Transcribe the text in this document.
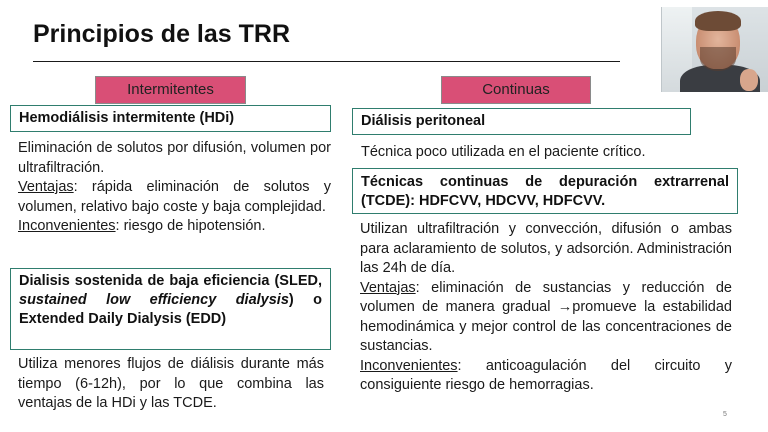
Principios de las TRR
Intermitentes	Continuas
Hemodiálisis intermitente (HDi)

Eliminación de solutos por difusión, volumen por ultrafiltración.

Ventajas: rápida eliminación de solutos y volumen, relativo bajo coste y baja complejidad.

Inconvenientes: riesgo de hipotensión.

Dialisis sostenida de baja eficiencia (SLED, sustained low efficiency dialysis) o Extended Daily Dialysis (EDD)

Utiliza menores flujos de diálisis durante más tiempo (6-12h), por lo que combina las ventajas de la HDi y las TCDE.

Diálisis peritoneal

Técnica poco utilizada en el paciente crítico.

Técnicas continuas de depuración extrarrenal (TCDE): HDFCVV, HDCVV, HDFCVV.

Utilizan ultrafiltración y convección, difusión o ambas para aclaramiento de solutos, y adsorción. Administración las 24h de día.

Ventajas: eliminación de sustancias y reducción de volumen de manera gradual →promueve la estabilidad hemodinámica y mejor control de las concentraciones de sustancias.

Inconvenientes: anticoagulación del circuito y consiguiente riesgo de hemorragias.

5
